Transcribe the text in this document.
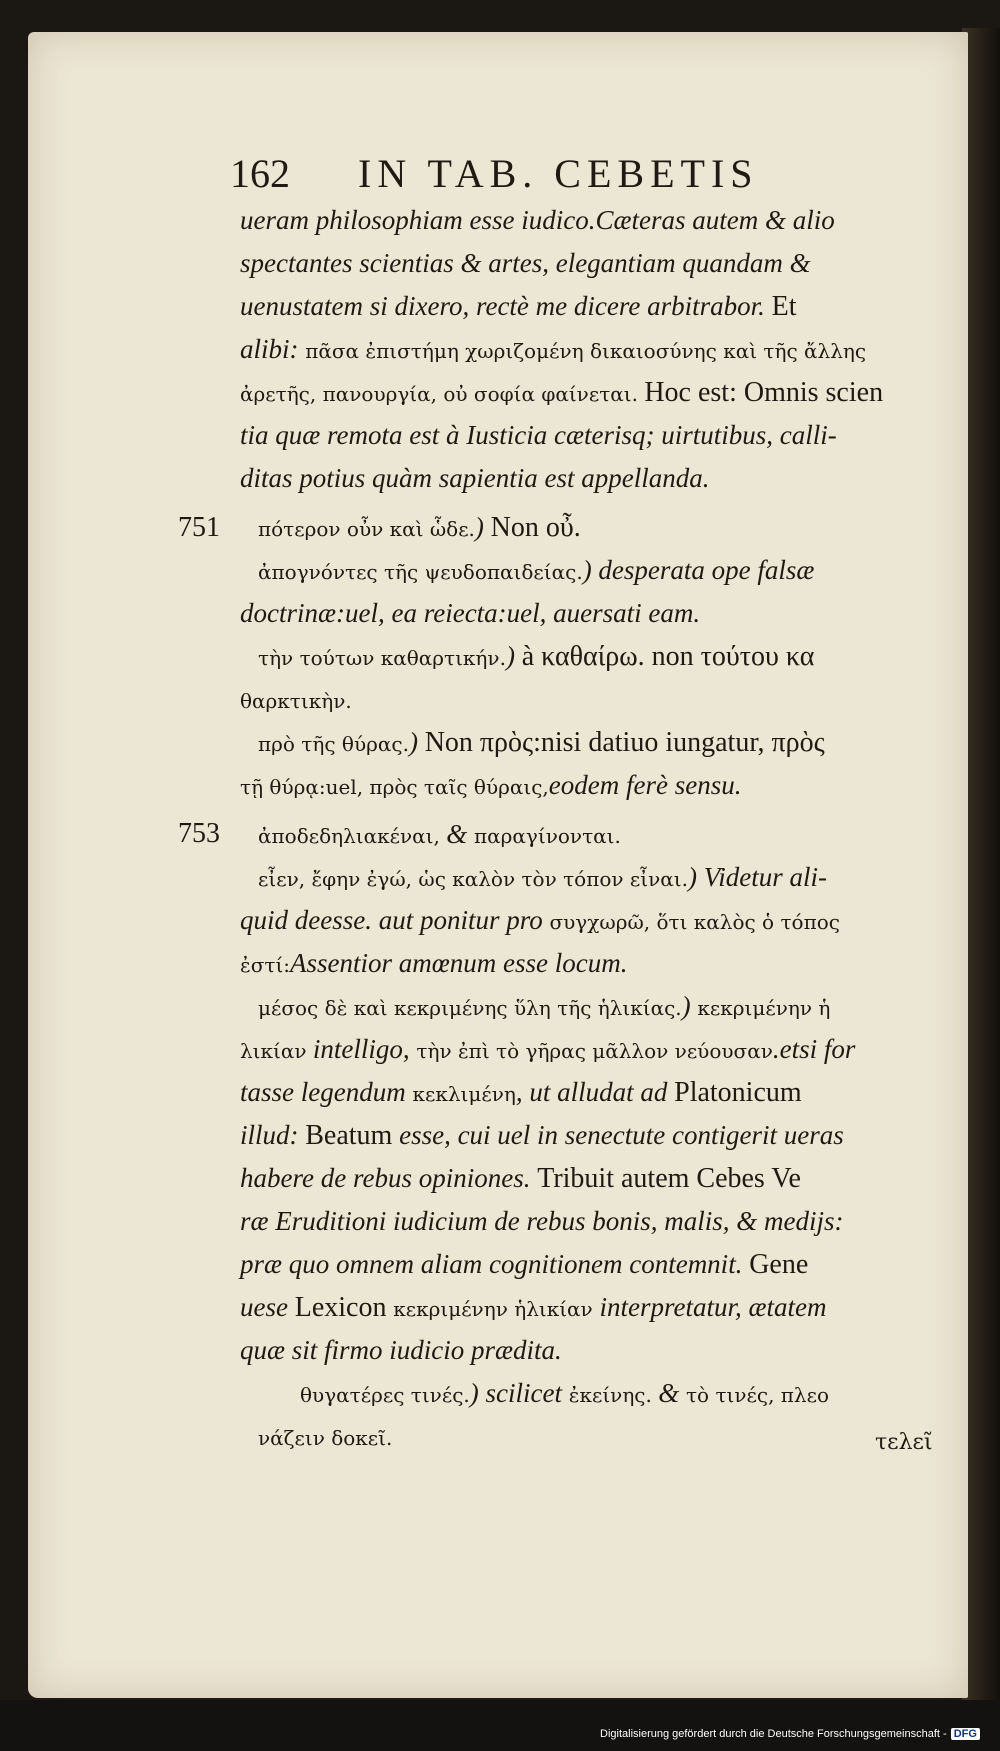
162 IN TAB. CEBETIS
751
753
ueram philosophiam esse iudico.Cæteras autem & alio
spectantes scientias & artes, elegantiam quandam &
uenustatem si dixero, rectè me dicere arbitrabor. Et
alibi: πᾶσα ἐπιστήμη χωριζομένη δικαιοσύνης καὶ τῆς ἄλλης
ἀρετῆς, πανουργία, οὐ σοφία φαίνεται. Hoc est: Omnis scien
tia quæ remota est à Iusticia cæterisq; uirtutibus, calli-
ditas potius quàm sapientia est appellanda.
πότερον οὖν καὶ ὧδε.) Non οὖ.
ἀπογνόντες τῆς ψευδοπαιδείας.) desperata ope falsæ
doctrinæ:uel, ea reiecta:uel, auersati eam.
τὴν τούτων καθαρτικήν.) à καθαίρω. non τούτου κα
θαρκτικὴν.
πρὸ τῆς θύρας.) Non πρὸς:nisi datiuo iungatur, πρὸς
τῇ θύρᾳ:uel, πρὸς ταῖς θύραις,eodem ferè sensu.
ἀποδεδηλιακέναι, & παραγίνονται.
εἶεν, ἔφην ἐγώ, ὡς καλὸν τὸν τόπον εἶναι.) Videtur ali-
quid deesse. aut ponitur pro συγχωρῶ, ὅτι καλὸς ὁ τόπος
ἐστί:Assentior amœnum esse locum.
μέσος δὲ καὶ κεκριμένης ὕλη τῆς ἡλικίας.) κεκριμένην ἡ
λικίαν intelligo, τὴν ἐπὶ τὸ γῆρας μᾶλλον νεύουσαν.etsi for
tasse legendum κεκλιμένη, ut alludat ad Platonicum
illud: Beatum esse, cui uel in senectute contigerit ueras
habere de rebus opiniones. Tribuit autem Cebes Ve
ræ Eruditioni iudicium de rebus bonis, malis, & medijs:
præ quo omnem aliam cognitionem contemnit. Gene
uese Lexicon κεκριμένην ἡλικίαν interpretatur, ætatem
quæ sit firmo iudicio prædita.
θυγατέρες τινές.) scilicet ἐκείνης. & τὸ τινές, πλεο
νάζειν δοκεῖ.	τελεῖ
Digitalisierung gefördert durch die Deutsche Forschungsgemeinschaft - DFG
